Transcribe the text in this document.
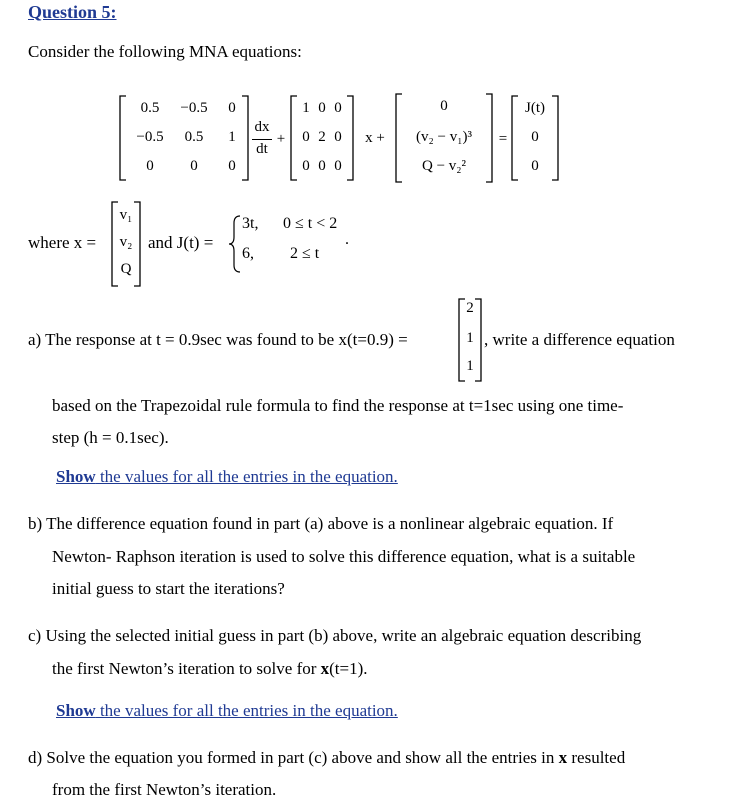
Question 5:
Consider the following MNA equations:
0.5	−0.5	0
−0.5	0.5	1
0	0	0
dx
dt
+
1 0 0
0 2 0
0 0 0
x +
0
(v₂ − v₁)³
Q − v₂²
=
J(t)
0
0
where x =
v₁
v₂
Q
and J(t) =
3t, 0 ≤ t < 2
6, 2 ≤ t
.
a) The response at t = 0.9sec was found to be x(t=0.9) =
2
1
1
, write a difference equation
based on the Trapezoidal rule formula to find the response at t=1sec using one time-
step (h = 0.1sec).
Show the values for all the entries in the equation.
b) The difference equation found in part (a) above is a nonlinear algebraic equation. If
Newton- Raphson iteration is used to solve this difference equation, what is a suitable
initial guess to start the iterations?
c) Using the selected initial guess in part (b) above, write an algebraic equation describing
the first Newton’s iteration to solve for x(t=1).
Show the values for all the entries in the equation.
d) Solve the equation you formed in part (c) above and show all the entries in x resulted
from the first Newton’s iteration.
